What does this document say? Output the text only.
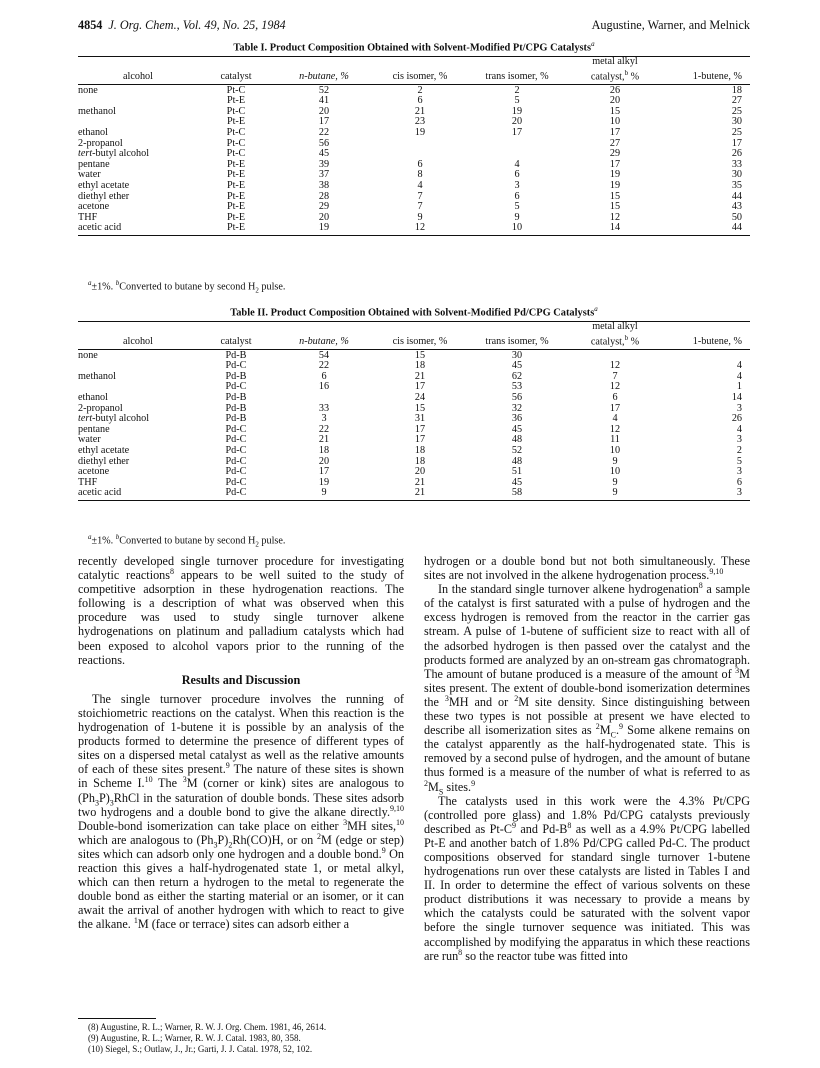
4854 J. Org. Chem., Vol. 49, No. 25, 1984	Augustine, Warner, and Melnick
Table I. Product Composition Obtained with Solvent-Modified Pt/CPG Catalysts$^a$
alcohol	catalyst	n-butane, %	cis isomer, %	trans isomer, %	metal alkyl
catalyst,$^b$ %	1-butene, %
none	Pt-C	52	2	2	26	18
	Pt-E	41	6	5	20	27
methanol	Pt-C	20	21	19	15	25
	Pt-E	17	23	20	10	30
ethanol	Pt-C	22	19	17	17	25
2-propanol	Pt-C	56			27	17
tert-butyl alcohol	Pt-C	45			29	26
pentane	Pt-E	39	6	4	17	33
water	Pt-E	37	8	6	19	30
ethyl acetate	Pt-E	38	4	3	19	35
diethyl ether	Pt-E	28	7	6	15	44
acetone	Pt-E	29	7	5	15	43
THF	Pt-E	20	9	9	12	50
acetic acid	Pt-E	19	12	10	14	44
$^a$±1%. $^b$Converted to butane by second $H_2$ pulse.
Table II. Product Composition Obtained with Solvent-Modified Pd/CPG Catalysts$^a$
alcohol	catalyst	n-butane, %	cis isomer, %	trans isomer, %	metal alkyl
catalyst,$^b$ %	1-butene, %
none	Pd-B	54	15	30		
	Pd-C	22	18	45	12	4
methanol	Pd-B	6	21	62	7	4
	Pd-C	16	17	53	12	1
ethanol	Pd-B		24	56	6	14
2-propanol	Pd-B	33	15	32	17	3
tert-butyl alcohol	Pd-B	3	31	36	4	26
pentane	Pd-C	22	17	45	12	4
water	Pd-C	21	17	48	11	3
ethyl acetate	Pd-C	18	18	52	10	2
diethyl ether	Pd-C	20	18	48	9	5
acetone	Pd-C	17	20	51	10	3
THF	Pd-C	19	21	45	9	6
acetic acid	Pd-C	9	21	58	9	3
$^a$±1%. $^b$Converted to butane by second $H_2$ pulse.

recently developed single turnover procedure for investigating catalytic reactions$^8$ appears to be well suited to the study of competitive adsorption in these hydrogenation reactions. The following is a description of what was observed when this procedure was used to study single turnover alkene hydrogenations on platinum and palladium catalysts which had been exposed to alcohol vapors prior to the running of the reactions.

Results and Discussion

The single turnover procedure involves the running of stoichiometric reactions on the catalyst. When this reaction is the hydrogenation of 1-butene it is possible by an analysis of the products formed to determine the presence of different types of sites on a dispersed metal catalyst as well as the relative amounts of each of these sites present.$^9$ The nature of these sites is shown in Scheme I.$^{10}$ The $^3$M (corner or kink) sites are analogous to $(Ph_3P)_3RhCl$ in the saturation of double bonds. These sites adsorb two hydrogens and a double bond to give the alkane directly.$^{9,10}$ Double-bond isomerization can take place on either $^3$MH sites,$^{10}$ which are analogous to $(Ph_3P)_2Rh(CO)H$, or on $^2$M (edge or step) sites which can adsorb only one hydrogen and a double bond.$^9$ On reaction this gives a half-hydrogenated state 1, or metal alkyl, which can then return a hydrogen to the metal to regenerate the double bond as either the starting material or an isomer, or it can await the arrival of another hydrogen with which to react to give the alkane. $^1$M (face or terrace) sites can adsorb either a

(8) Augustine, R. L.; Warner, R. W. J. Org. Chem. 1981, 46, 2614.
(9) Augustine, R. L.; Warner, R. W. J. Catal. 1983, 80, 358.
(10) Siegel, S.; Outlaw, J., Jr.; Garti, J. J. Catal. 1978, 52, 102.

hydrogen or a double bond but not both simultaneously. These sites are not involved in the alkene hydrogenation process.$^{9,10}$

In the standard single turnover alkene hydrogenation$^8$ a sample of the catalyst is first saturated with a pulse of hydrogen and the excess hydrogen is removed from the reactor in the carrier gas stream. A pulse of 1-butene of sufficient size to react with all of the adsorbed hydrogen is then passed over the catalyst and the products formed are analyzed by an on-stream gas chromatograph. The amount of butane produced is a measure of the amount of $^3$M sites present. The extent of double-bond isomerization determines the $^3$MH and or $^2$M site density. Since distinguishing between these two types is not possible at present we have elected to describe all isomerization sites as $^2M_C.^9$ Some alkene remains on the catalyst apparently as the half-hydrogenated state. This is removed by a second pulse of hydrogen, and the amount of butane thus formed is a measure of the number of what is referred to as $^2M_S$ sites.$^9$

The catalysts used in this work were the 4.3% Pt/CPG (controlled pore glass) and 1.8% Pd/CPG catalysts previously described as $Pt-C^9$ and $Pd-B^8$ as well as a 4.9% Pt/CPG labelled Pt-E and another batch of 1.8% Pd/CPG called Pd-C. The product compositions observed for standard single turnover 1-butene hydrogenations run over these catalysts are listed in Tables I and II. In order to determine the effect of various solvents on these product distributions it was necessary to provide a means by which the catalysts could be saturated with the solvent vapor before the single turnover sequence was initiated. This was accomplished by modifying the apparatus in which these reactions are run$^8$ so the reactor tube was fitted into
